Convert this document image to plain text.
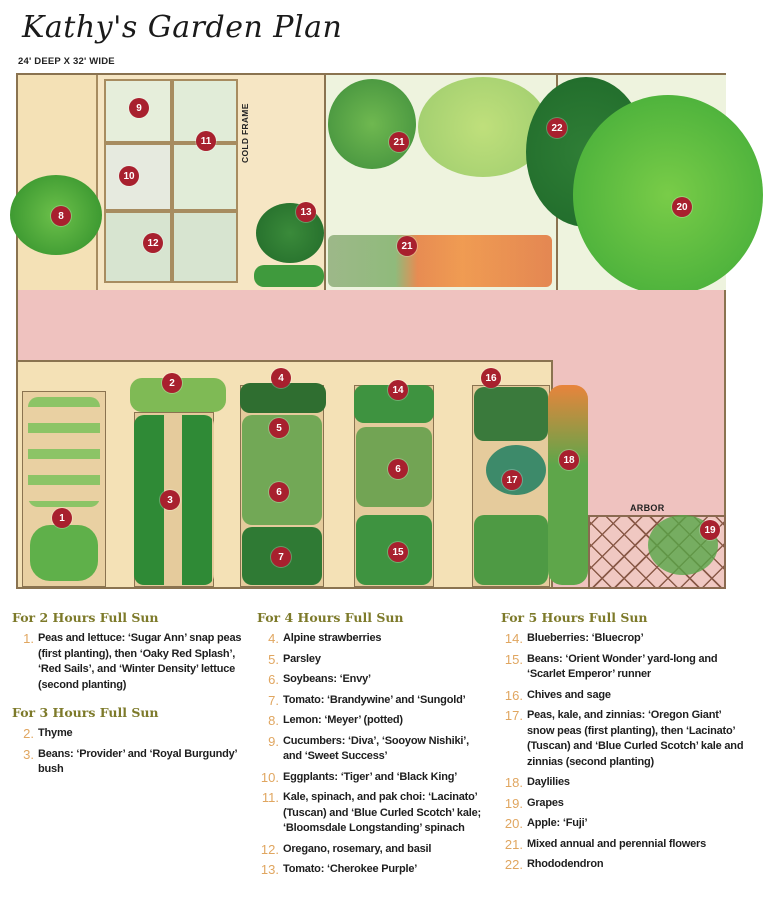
Kathy's Garden Plan
24' DEEP X 32' WIDE
COLD FRAME
ARBOR
1
2
3
4
5
6
6
7
8
9
10
11
12
13
14
15
16
17
18
19
20
21
21
22
For 2 Hours Full Sun
1. Peas and lettuce: ‘Sugar Ann’ snap peas (first planting), then ‘Oaky Red Splash’, ‘Red Sails’, and ‘Winter Density’ lettuce (second planting)
For 3 Hours Full Sun
2. Thyme
3. Beans: ‘Provider’ and ‘Royal Burgundy’ bush
For 4 Hours Full Sun
4. Alpine strawberries
5. Parsley
6. Soybeans: ‘Envy’
7. Tomato: ‘Brandywine’ and ‘Sungold’
8. Lemon: ‘Meyer’ (potted)
9. Cucumbers: ‘Diva’, ‘Sooyow Nishiki’, and ‘Sweet Success’
10. Eggplants: ‘Tiger’ and ‘Black King’
11. Kale, spinach, and pak choi: ‘Lacinato’ (Tuscan) and ‘Blue Curled Scotch’ kale; ‘Bloomsdale Longstanding’ spinach
12. Oregano, rosemary, and basil
13. Tomato: ‘Cherokee Purple’
For 5 Hours Full Sun
14. Blueberries: ‘Bluecrop’
15. Beans: ‘Orient Wonder’ yard-long and ‘Scarlet Emperor’ runner
16. Chives and sage
17. Peas, kale, and zinnias: ‘Oregon Giant’ snow peas (first planting), then ‘Lacinato’ (Tuscan) and ‘Blue Curled Scotch’ kale and zinnias (second planting)
18. Daylilies
19. Grapes
20. Apple: ‘Fuji’
21. Mixed annual and perennial flowers
22. Rhododendron
